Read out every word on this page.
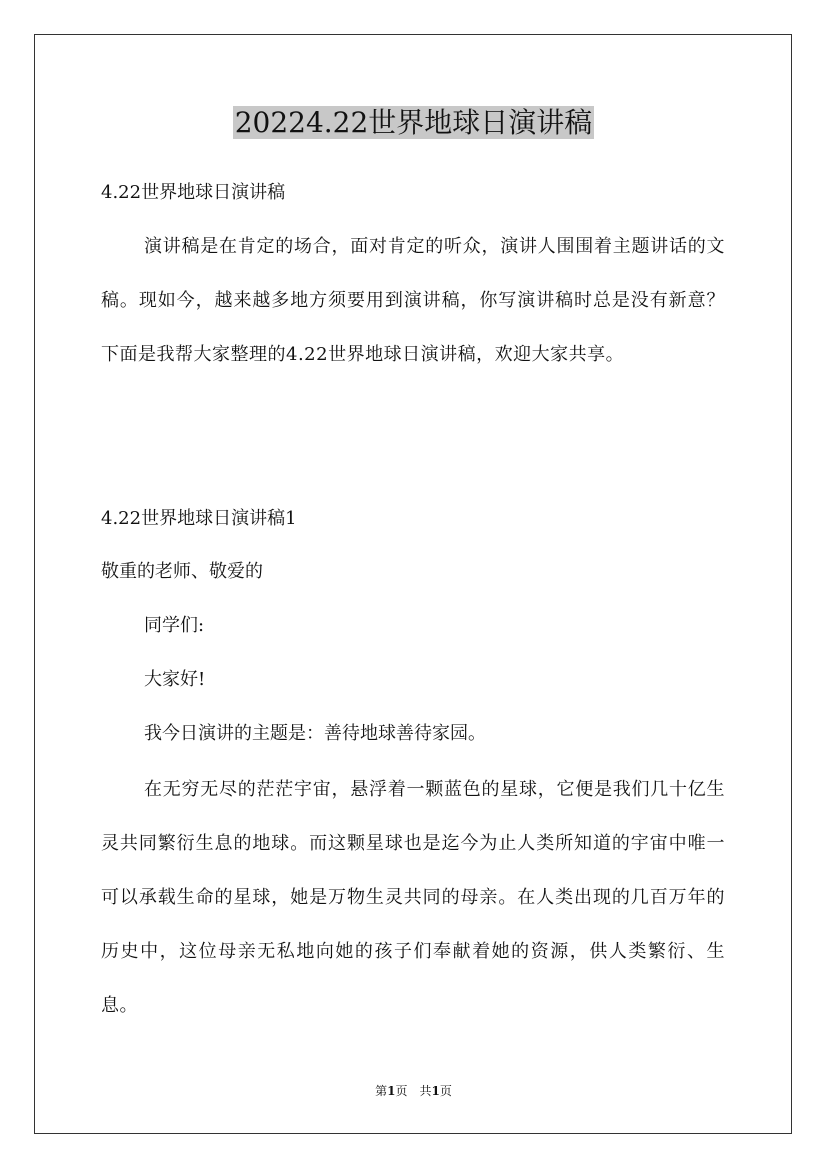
20224.22世界地球日演讲稿

4.22世界地球日演讲稿

演讲稿是在肯定的场合，面对肯定的听众，演讲人围围着主题讲话的文稿。现如今，越来越多地方须要用到演讲稿，你写演讲稿时总是没有新意？下面是我帮大家整理的4.22世界地球日演讲稿，欢迎大家共享。

4.22世界地球日演讲稿1

敬重的老师、敬爱的

同学们:

大家好!

我今日演讲的主题是：善待地球善待家园。

在无穷无尽的茫茫宇宙，悬浮着一颗蓝色的星球，它便是我们几十亿生灵共同繁衍生息的地球。而这颗星球也是迄今为止人类所知道的宇宙中唯一可以承载生命的星球，她是万物生灵共同的母亲。在人类出现的几百万年的历史中，这位母亲无私地向她的孩子们奉献着她的资源，供人类繁衍、生息。

第1页　共1页
